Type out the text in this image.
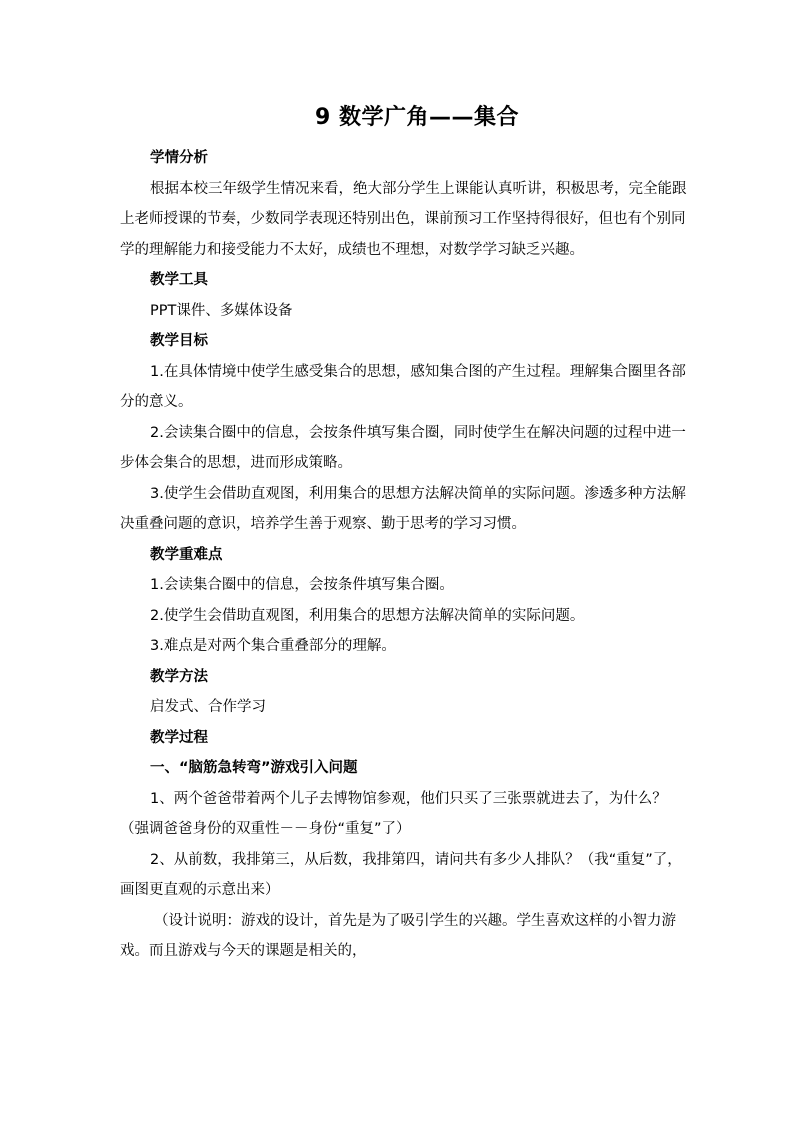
9 数学广角——集合

学情分析

根据本校三年级学生情况来看，绝大部分学生上课能认真听讲，积极思考，完全能跟上老师授课的节奏，少数同学表现还特别出色，课前预习工作坚持得很好，但也有个别同学的理解能力和接受能力不太好，成绩也不理想，对数学学习缺乏兴趣。

教学工具

PPT课件、多媒体设备

教学目标

1.在具体情境中使学生感受集合的思想，感知集合图的产生过程。理解集合圈里各部分的意义。

2.会读集合圈中的信息，会按条件填写集合圈，同时使学生在解决问题的过程中进一步体会集合的思想，进而形成策略。

3.使学生会借助直观图，利用集合的思想方法解决简单的实际问题。渗透多种方法解决重叠问题的意识，培养学生善于观察、勤于思考的学习习惯。

教学重难点

1.会读集合圈中的信息，会按条件填写集合圈。

2.使学生会借助直观图，利用集合的思想方法解决简单的实际问题。

3.难点是对两个集合重叠部分的理解。

教学方法

启发式、合作学习

教学过程

一、“脑筋急转弯”游戏引入问题

1、两个爸爸带着两个儿子去博物馆参观，他们只买了三张票就进去了，为什么？（强调爸爸身份的双重性－－身份“重复”了）

2、从前数，我排第三，从后数，我排第四，请问共有多少人排队？（我“重复”了，画图更直观的示意出来）

（设计说明：游戏的设计，首先是为了吸引学生的兴趣。学生喜欢这样的小智力游戏。而且游戏与今天的课题是相关的，
